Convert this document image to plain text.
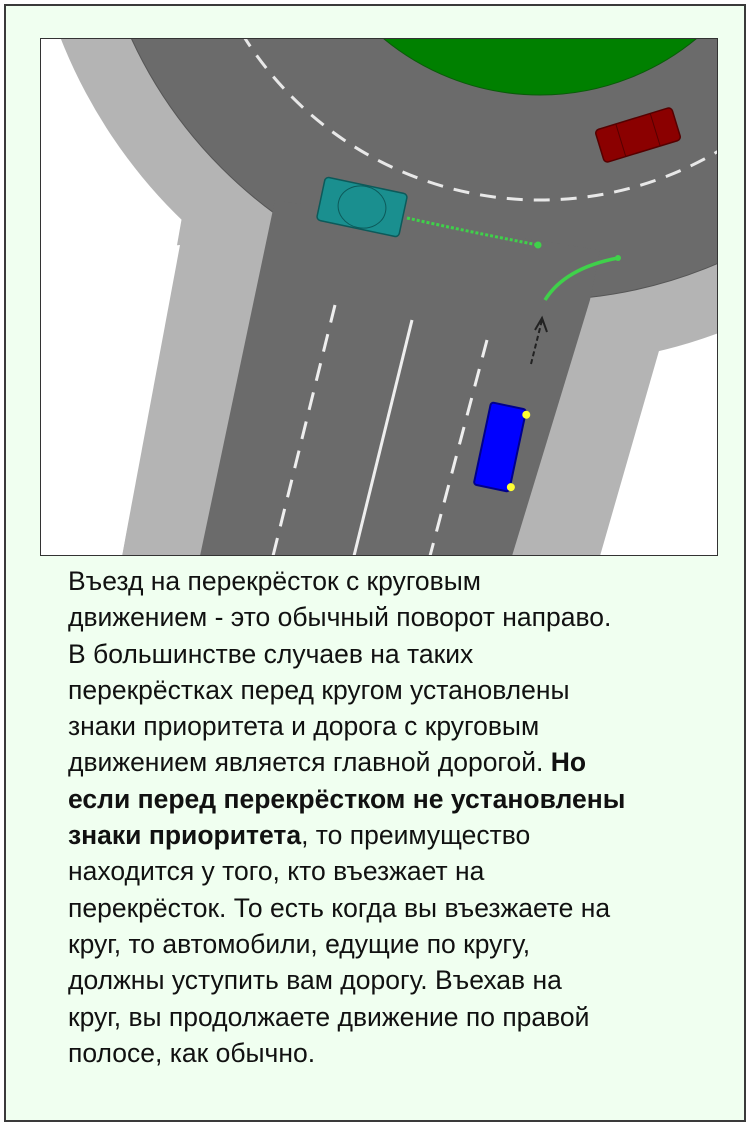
Въезд на перекрёсток с круговым
движением - это обычный поворот направо.
В большинстве случаев на таких
перекрёстках перед кругом установлены
знаки приоритета и дорога с круговым
движением является главной дорогой. Но
если перед перекрёстком не установлены
знаки приоритета, то преимущество
находится у того, кто въезжает на
перекрёсток. То есть когда вы въезжаете на
круг, то автомобили, едущие по кругу,
должны уступить вам дорогу. Въехав на
круг, вы продолжаете движение по правой
полосе, как обычно.
